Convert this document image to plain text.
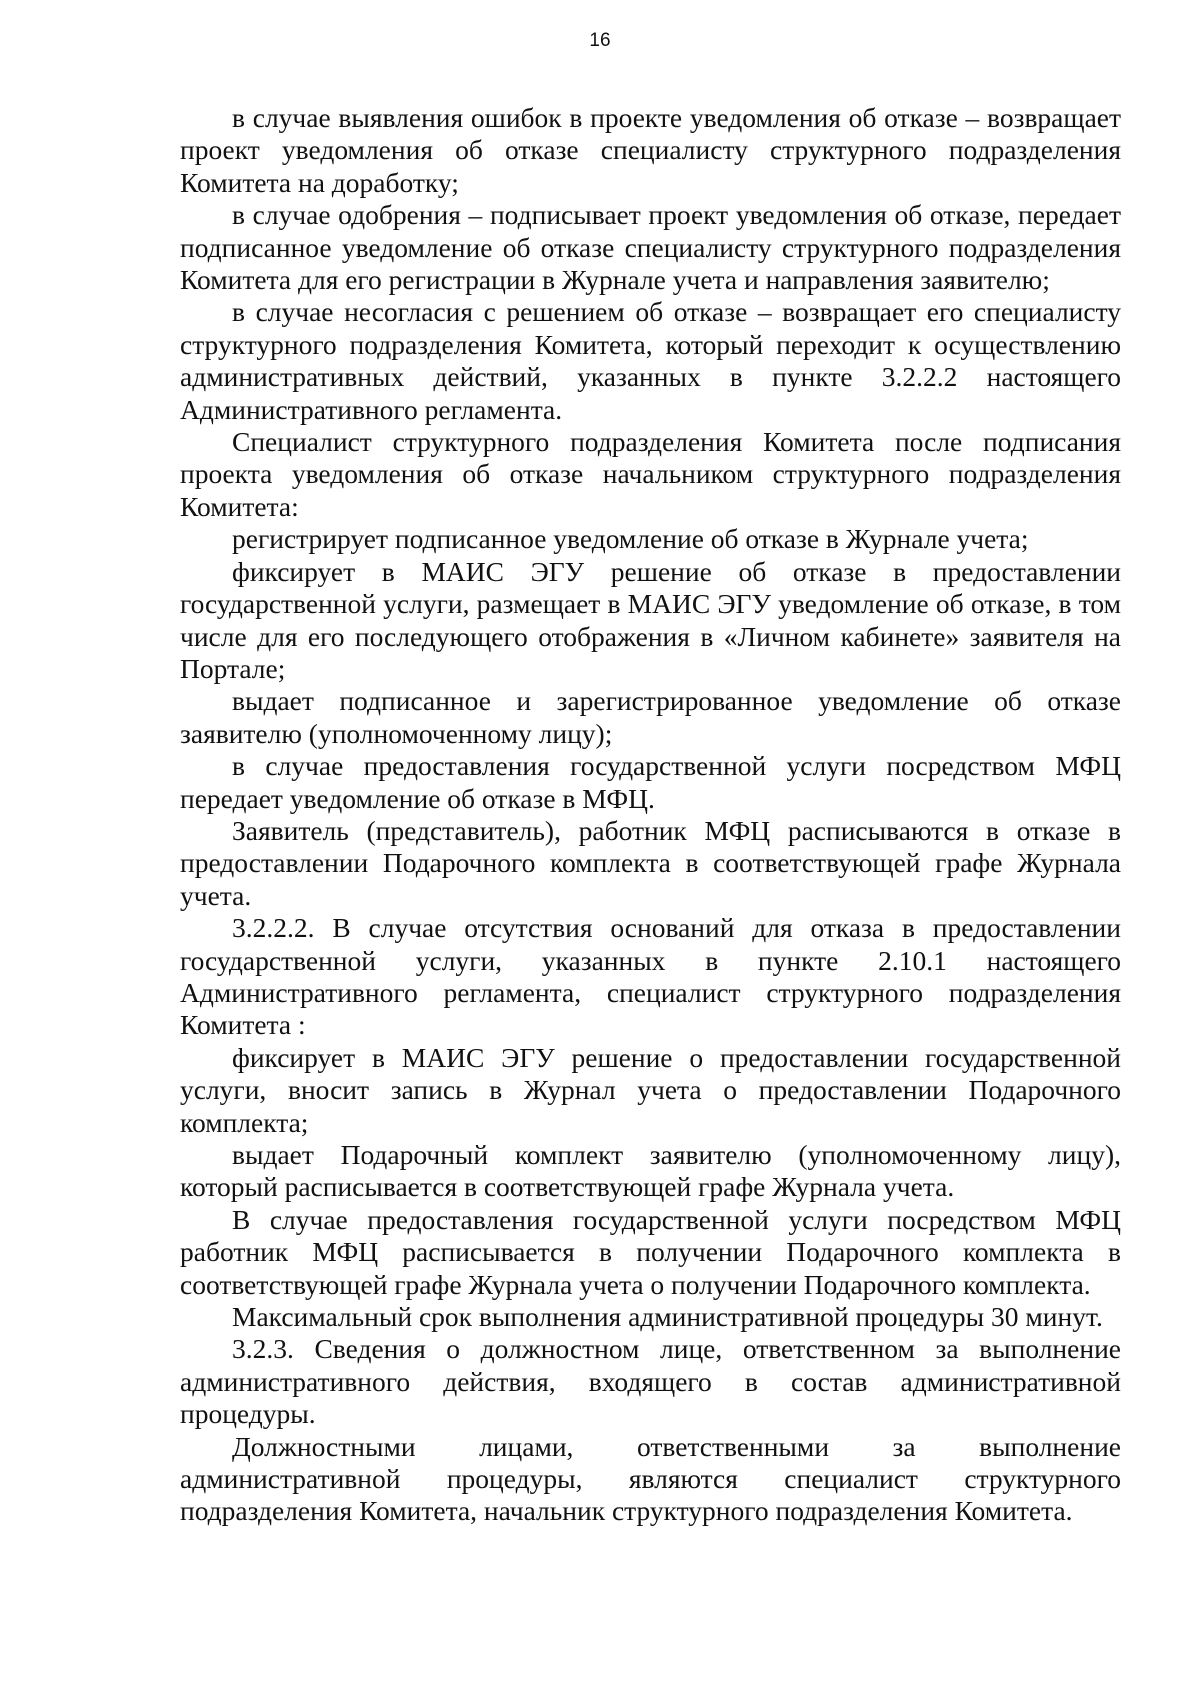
16

в случае выявления ошибок в проекте уведомления об отказе – возвращает проект уведомления об отказе специалисту структурного подразделения Комитета на доработку;

в случае одобрения – подписывает проект уведомления об отказе, передает подписанное уведомление об отказе специалисту структурного подразделения Комитета для его регистрации в Журнале учета и направления заявителю;

в случае несогласия с решением об отказе – возвращает его специалисту структурного подразделения Комитета, который переходит к осуществлению административных действий, указанных в пункте 3.2.2.2 настоящего Административного регламента.

Специалист структурного подразделения Комитета после подписания проекта уведомления об отказе начальником структурного подразделения Комитета:

регистрирует подписанное уведомление об отказе в Журнале учета;

фиксирует в МАИС ЭГУ решение об отказе в предоставлении государственной услуги, размещает в МАИС ЭГУ уведомление об отказе, в том числе для его последующего отображения в «Личном кабинете» заявителя на Портале;

выдает подписанное и зарегистрированное уведомление об отказе заявителю (уполномоченному лицу);

в случае предоставления государственной услуги посредством МФЦ передает уведомление об отказе в МФЦ.

Заявитель (представитель), работник МФЦ расписываются в отказе в предоставлении Подарочного комплекта в соответствующей графе Журнала учета.

3.2.2.2. В случае отсутствия оснований для отказа в предоставлении государственной услуги, указанных в пункте 2.10.1 настоящего Административного регламента, специалист структурного подразделения Комитета :

фиксирует в МАИС ЭГУ решение о предоставлении государственной услуги, вносит запись в Журнал учета о предоставлении Подарочного комплекта;

выдает Подарочный комплект заявителю (уполномоченному лицу), который расписывается в соответствующей графе Журнала учета.

В случае предоставления государственной услуги посредством МФЦ работник МФЦ расписывается в получении Подарочного комплекта в соответствующей графе Журнала учета о получении Подарочного комплекта.

Максимальный срок выполнения административной процедуры 30 минут.

3.2.3. Сведения о должностном лице, ответственном за выполнение административного действия, входящего в состав административной процедуры.

Должностными лицами, ответственными за выполнение административной процедуры, являются специалист структурного подразделения Комитета, начальник структурного подразделения Комитета.
